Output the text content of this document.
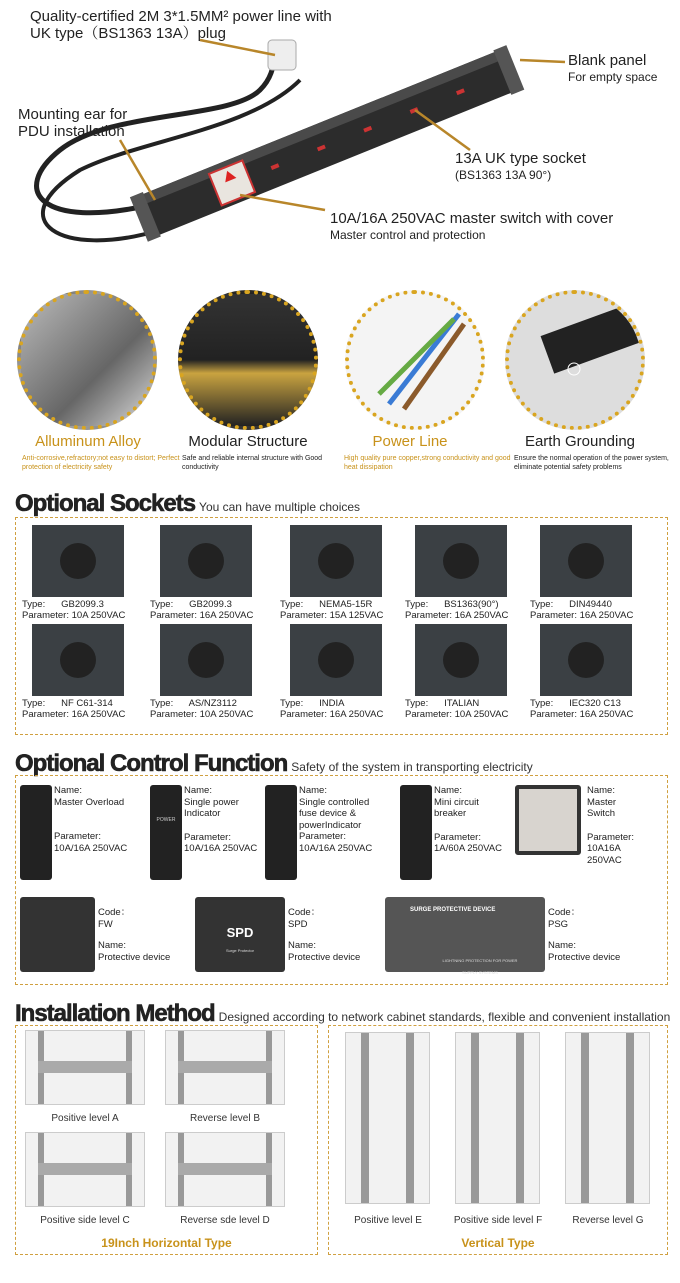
Quality-certified 2M 3*1.5MM² power line with
UK type（BS1363 13A）plug
Blank panel
For empty space
Mounting ear for
PDU installation
13A UK type socket
(BS1363 13A 90°)
10A/16A 250VAC master switch with cover
Master control and protection
Alluminum Alloy
Anti-corrosive,refractory;not easy to distort; Perfect protection of electricity safety
Modular Structure
Safe and reliable internal structure with Good conductivity
Power Line
High quality pure copper,strong conductivity and good heat dissipation
Earth Grounding
Ensure the normal operation of the power system, eliminate potential safety problems
Optional Sockets You can have multiple choices
Type: GB2099.3
Parameter: 10A 250VAC
Type: GB2099.3
Parameter: 16A 250VAC
Type: NEMA5-15R
Parameter: 15A 125VAC
Type: BS1363(90°)
Parameter: 16A 250VAC
Type: DIN49440
Parameter: 16A 250VAC
Type: NF C61-314
Parameter: 16A 250VAC
Type: AS/NZ3112
Parameter: 10A 250VAC
Type: INDIA
Parameter: 16A 250VAC
Type: ITALIAN
Parameter: 10A 250VAC
Type: IEC320 C13
Parameter: 16A 250VAC
Optional Control Function Safety of the system in transporting electricity
Name:
Master Overload
Parameter:
10A/16A 250VAC
POWER
Name:
Single power
Indicator
Parameter:
10A/16A 250VAC
Name:
Single controlled
fuse device &
powerIndicator
Parameter:
10A/16A 250VAC
Name:
Mini circuit
breaker
Parameter:
1A/60A 250VAC
Name:
Master Switch
Parameter:
10A16A 250VAC
Code：
FW
Name:
Protective device
SPD
Surge Protector
Code：
SPD
Name:
Protective device
SURGE PROTECTIVE DEVICE
LIGHTNING PROTECTION FOR POWER SUPPLY SYSTEMS
Code：
PSG
Name:
Protective device
Installation Method Designed according to network cabinet standards, flexible and convenient installation
Positive level A	Reverse level B
Positive side level C	Reverse sde level D	Positive level E	Positive side level F	Reverse level G
19Inch Horizontal Type	Vertical Type
